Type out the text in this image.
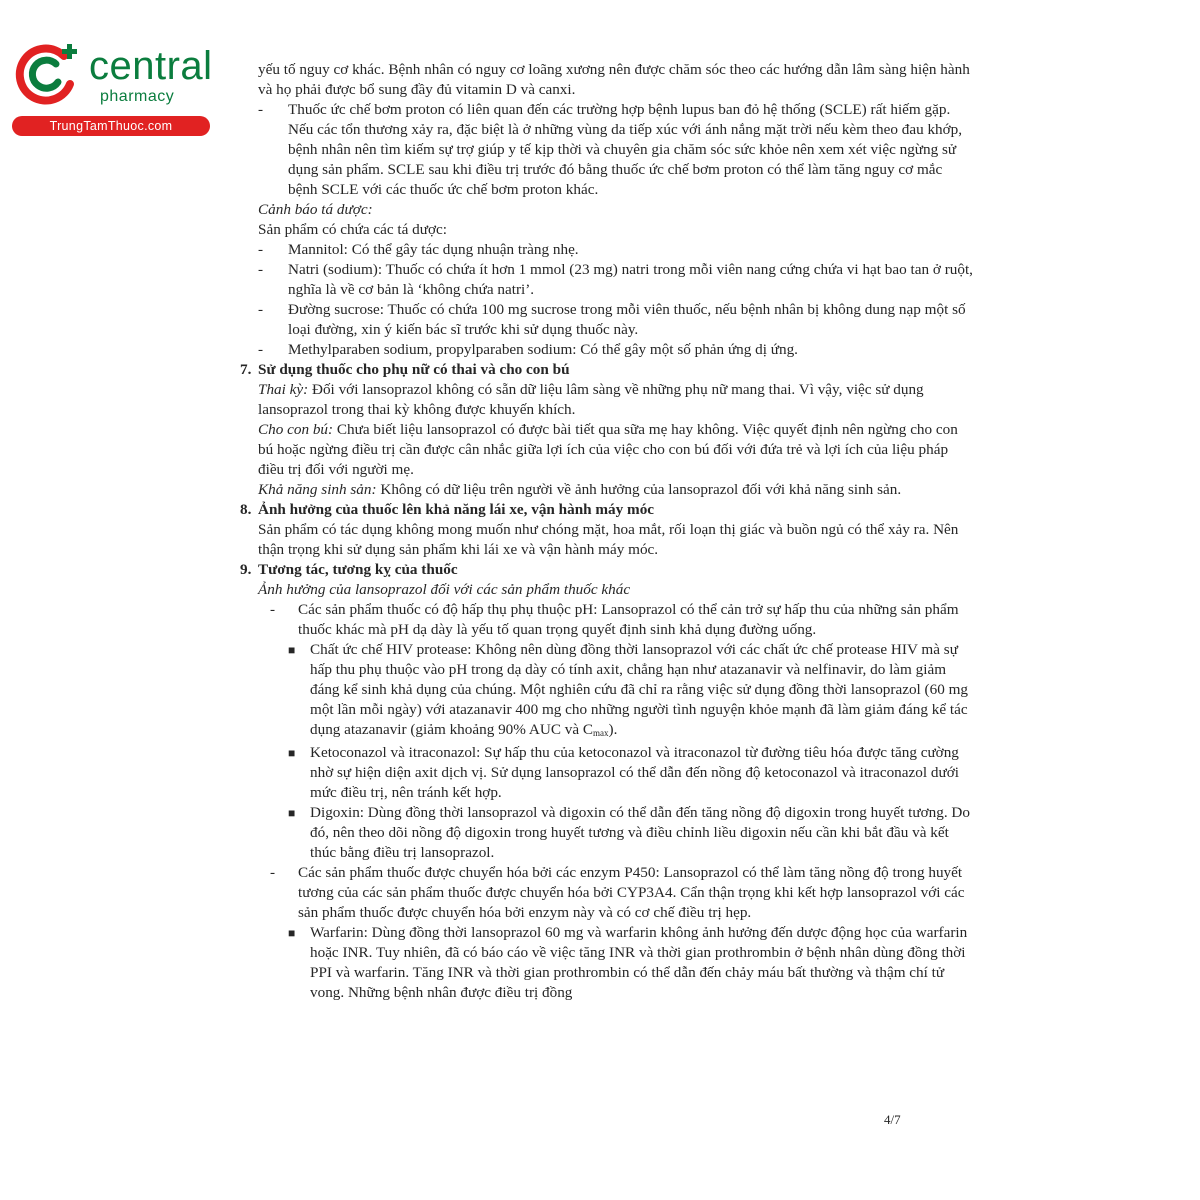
central
pharmacy
TrungTamThuoc.com

yếu tố nguy cơ khác. Bệnh nhân có nguy cơ loãng xương nên được chăm sóc theo các hướng dẫn lâm sàng hiện hành và họ phải được bổ sung đầy đủ vitamin D và canxi.

- Thuốc ức chế bơm proton có liên quan đến các trường hợp bệnh lupus ban đỏ hệ thống (SCLE) rất hiếm gặp. Nếu các tổn thương xảy ra, đặc biệt là ở những vùng da tiếp xúc với ánh nắng mặt trời nếu kèm theo đau khớp, bệnh nhân nên tìm kiếm sự trợ giúp y tế kịp thời và chuyên gia chăm sóc sức khỏe nên xem xét việc ngừng sử dụng sản phẩm. SCLE sau khi điều trị trước đó bằng thuốc ức chế bơm proton có thể làm tăng nguy cơ mắc bệnh SCLE với các thuốc ức chế bơm proton khác.

Cảnh báo tá dược:

Sản phẩm có chứa các tá dược:

- Mannitol: Có thể gây tác dụng nhuận tràng nhẹ.

- Natri (sodium): Thuốc có chứa ít hơn 1 mmol (23 mg) natri trong mỗi viên nang cứng chứa vi hạt bao tan ở ruột, nghĩa là về cơ bản là ‘không chứa natri’.

- Đường sucrose: Thuốc có chứa 100 mg sucrose trong mỗi viên thuốc, nếu bệnh nhân bị không dung nạp một số loại đường, xin ý kiến bác sĩ trước khi sử dụng thuốc này.

- Methylparaben sodium, propylparaben sodium: Có thể gây một số phản ứng dị ứng.

7. Sử dụng thuốc cho phụ nữ có thai và cho con bú

Thai kỳ: Đối với lansoprazol không có sẵn dữ liệu lâm sàng về những phụ nữ mang thai. Vì vậy, việc sử dụng lansoprazol trong thai kỳ không được khuyến khích.

Cho con bú: Chưa biết liệu lansoprazol có được bài tiết qua sữa mẹ hay không. Việc quyết định nên ngừng cho con bú hoặc ngừng điều trị cần được cân nhắc giữa lợi ích của việc cho con bú đối với đứa trẻ và lợi ích của liệu pháp điều trị đối với người mẹ.

Khả năng sinh sản: Không có dữ liệu trên người về ảnh hưởng của lansoprazol đối với khả năng sinh sản.

8. Ảnh hưởng của thuốc lên khả năng lái xe, vận hành máy móc

Sản phẩm có tác dụng không mong muốn như chóng mặt, hoa mắt, rối loạn thị giác và buồn ngủ có thể xảy ra. Nên thận trọng khi sử dụng sản phẩm khi lái xe và vận hành máy móc.

9. Tương tác, tương kỵ của thuốc

Ảnh hưởng của lansoprazol đối với các sản phẩm thuốc khác

- Các sản phẩm thuốc có độ hấp thụ phụ thuộc pH: Lansoprazol có thể cản trở sự hấp thu của những sản phẩm thuốc khác mà pH dạ dày là yếu tố quan trọng quyết định sinh khả dụng đường uống.

■ Chất ức chế HIV protease: Không nên dùng đồng thời lansoprazol với các chất ức chế protease HIV mà sự hấp thu phụ thuộc vào pH trong dạ dày có tính axit, chẳng hạn như atazanavir và nelfinavir, do làm giảm đáng kể sinh khả dụng của chúng. Một nghiên cứu đã chỉ ra rằng việc sử dụng đồng thời lansoprazol (60 mg một lần mỗi ngày) với atazanavir 400 mg cho những người tình nguyện khỏe mạnh đã làm giảm đáng kể tác dụng atazanavir (giảm khoảng 90% AUC và $C_{max}$).

■ Ketoconazol và itraconazol: Sự hấp thu của ketoconazol và itraconazol từ đường tiêu hóa được tăng cường nhờ sự hiện diện axit dịch vị. Sử dụng lansoprazol có thể dẫn đến nồng độ ketoconazol và itraconazol dưới mức điều trị, nên tránh kết hợp.

■ Digoxin: Dùng đồng thời lansoprazol và digoxin có thể dẫn đến tăng nồng độ digoxin trong huyết tương. Do đó, nên theo dõi nồng độ digoxin trong huyết tương và điều chỉnh liều digoxin nếu cần khi bắt đầu và kết thúc bằng điều trị lansoprazol.

- Các sản phẩm thuốc được chuyển hóa bởi các enzym P450: Lansoprazol có thể làm tăng nồng độ trong huyết tương của các sản phẩm thuốc được chuyển hóa bởi CYP3A4. Cẩn thận trọng khi kết hợp lansoprazol với các sản phẩm thuốc được chuyển hóa bởi enzym này và có cơ chế điều trị hẹp.

■ Warfarin: Dùng đồng thời lansoprazol 60 mg và warfarin không ảnh hưởng đến dược động học của warfarin hoặc INR. Tuy nhiên, đã có báo cáo về việc tăng INR và thời gian prothrombin ở bệnh nhân dùng đồng thời PPI và warfarin. Tăng INR và thời gian prothrombin có thể dẫn đến chảy máu bất thường và thậm chí tử vong. Những bệnh nhân được điều trị đồng

4/7
